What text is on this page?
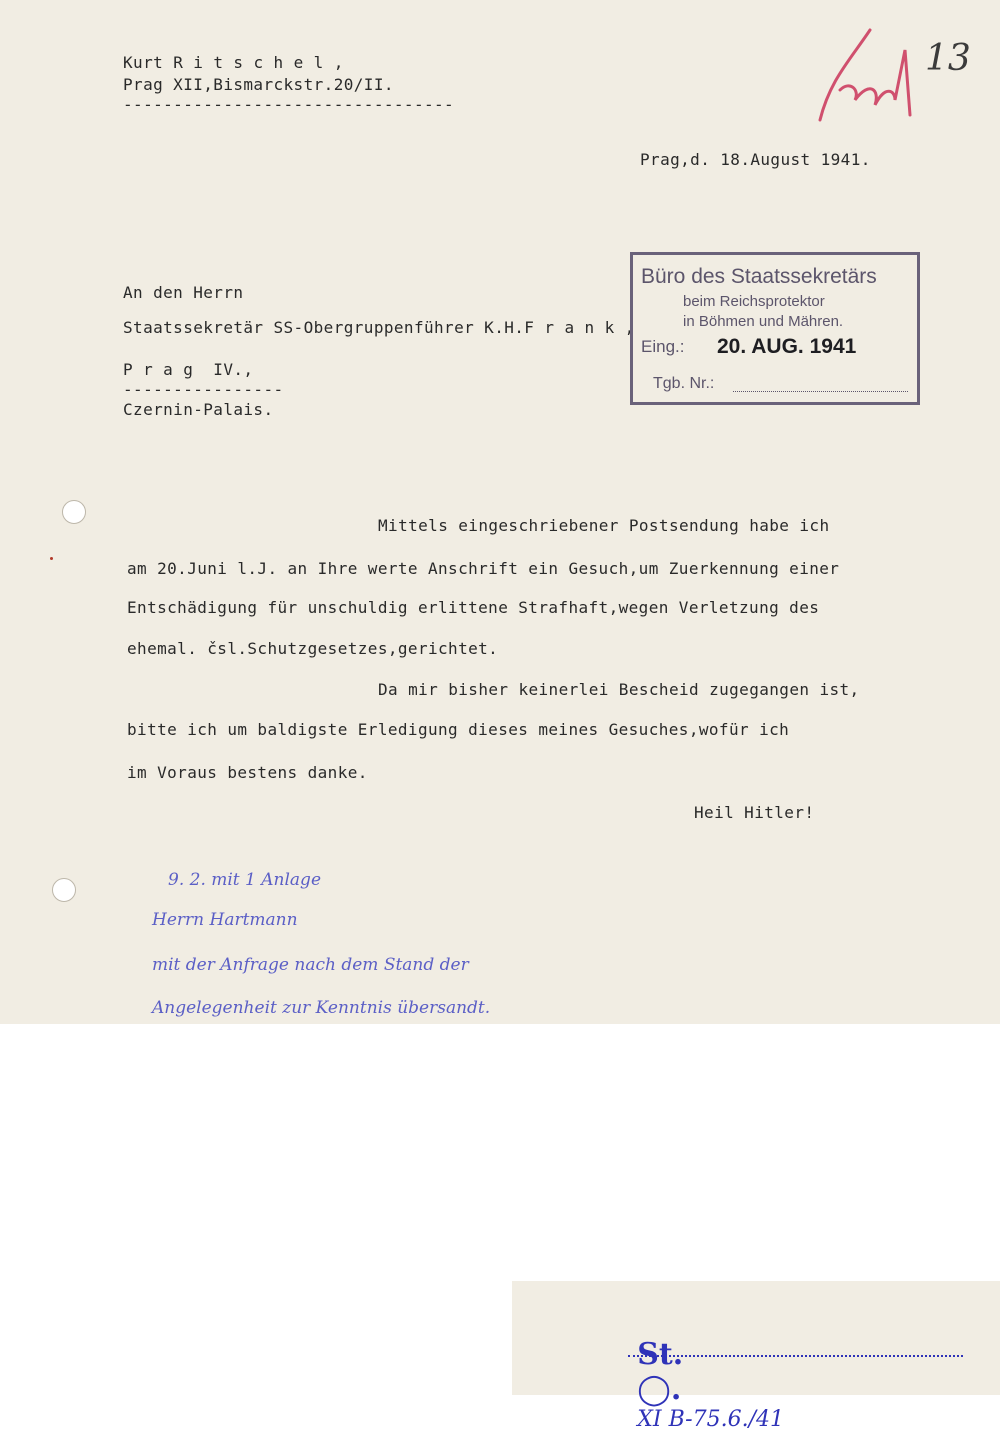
Kurt R i t s c h e l ,
Prag XII,Bismarckstr.20/II.
---------------------------------
Prag,d. 18.August 1941.
13
An den Herrn
Staatssekretär SS-Obergruppenführer K.H.F r a n k ,
P r a g  IV.,
----------------
Czernin-Palais.
Büro des Staatssekretärs
beim Reichsprotektor
in Böhmen und Mähren.
Eing.: 20. AUG. 1941
Tgb. Nr.:
Mittels eingeschriebener Postsendung habe ich
am 20.Juni l.J. an Ihre werte Anschrift ein Gesuch,um Zuerkennung einer
Entschädigung für unschuldig erlittene Strafhaft,wegen Verletzung des
ehemal. čsl.Schutzgesetzes,gerichtet.
Da mir bisher keinerlei Bescheid zugegangen ist,
bitte ich um baldigste Erledigung dieses meines Gesuches,wofür ich
im Voraus bestens danke.
Heil Hitler!
9. 2. mit 1 Anlage
Herrn Hartmann
mit der Anfrage nach dem Stand der
Angelegenheit zur Kenntnis übersandt.

St.
◯.
XI B-75.6./41
